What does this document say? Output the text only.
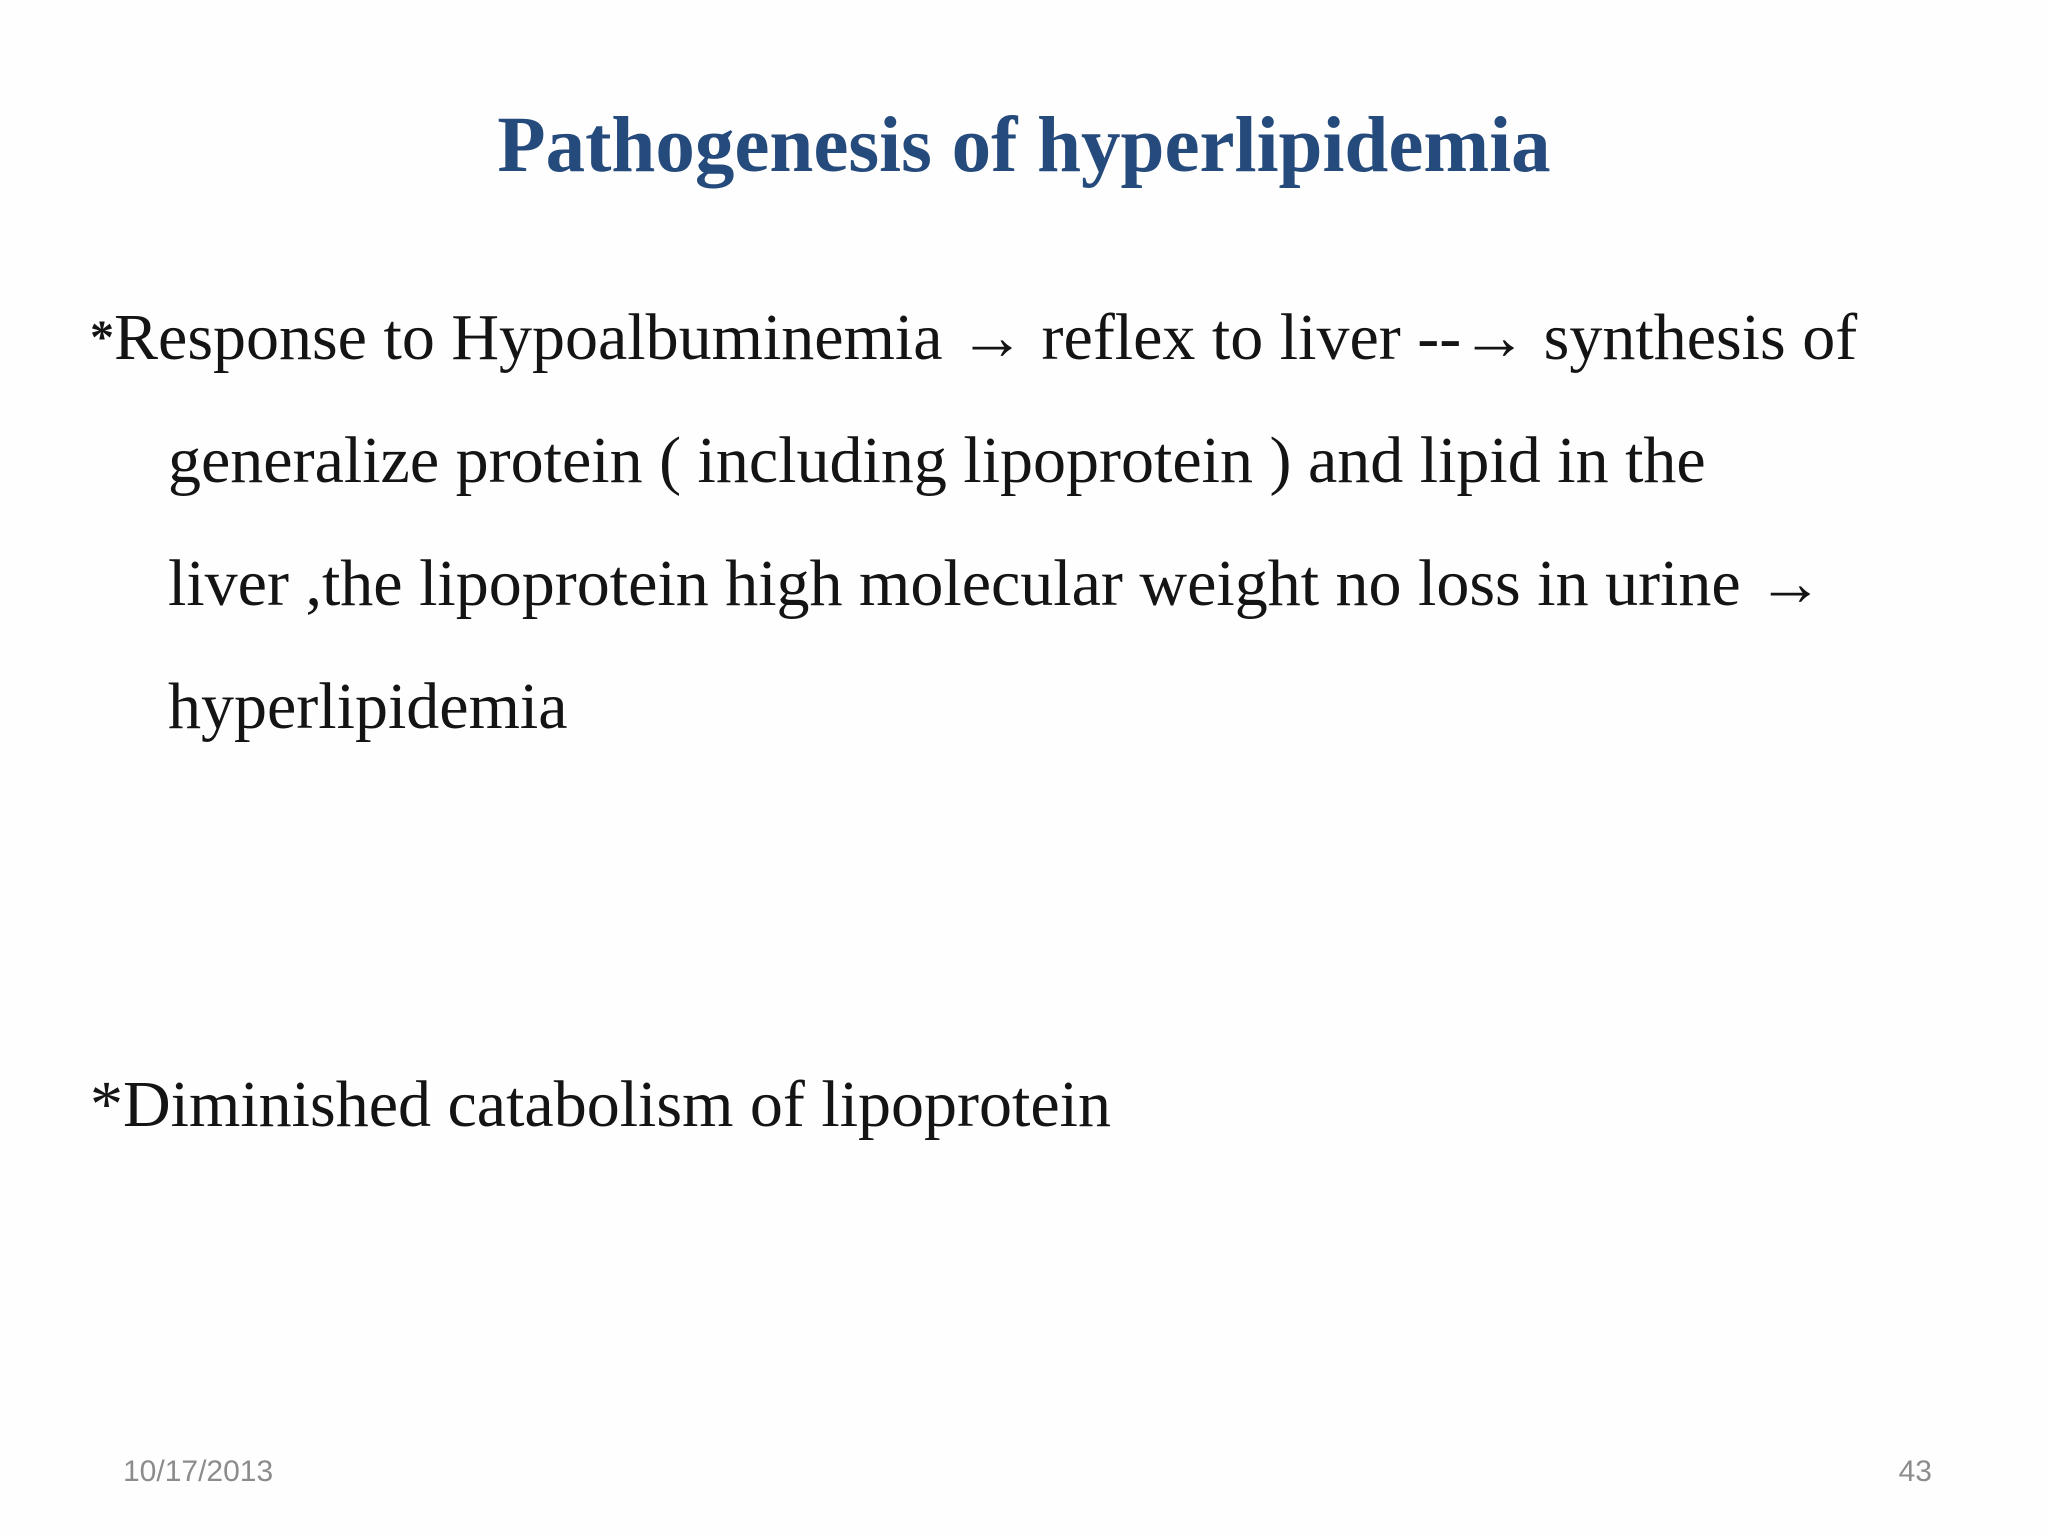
Pathogenesis of hyperlipidemia
*Response to Hypoalbuminemia → reflex to liver --→ synthesis of
generalize protein ( including lipoprotein ) and lipid in the
liver ,the lipoprotein high molecular weight no loss in urine →
hyperlipidemia
*Diminished catabolism of lipoprotein
10/17/2013	43
